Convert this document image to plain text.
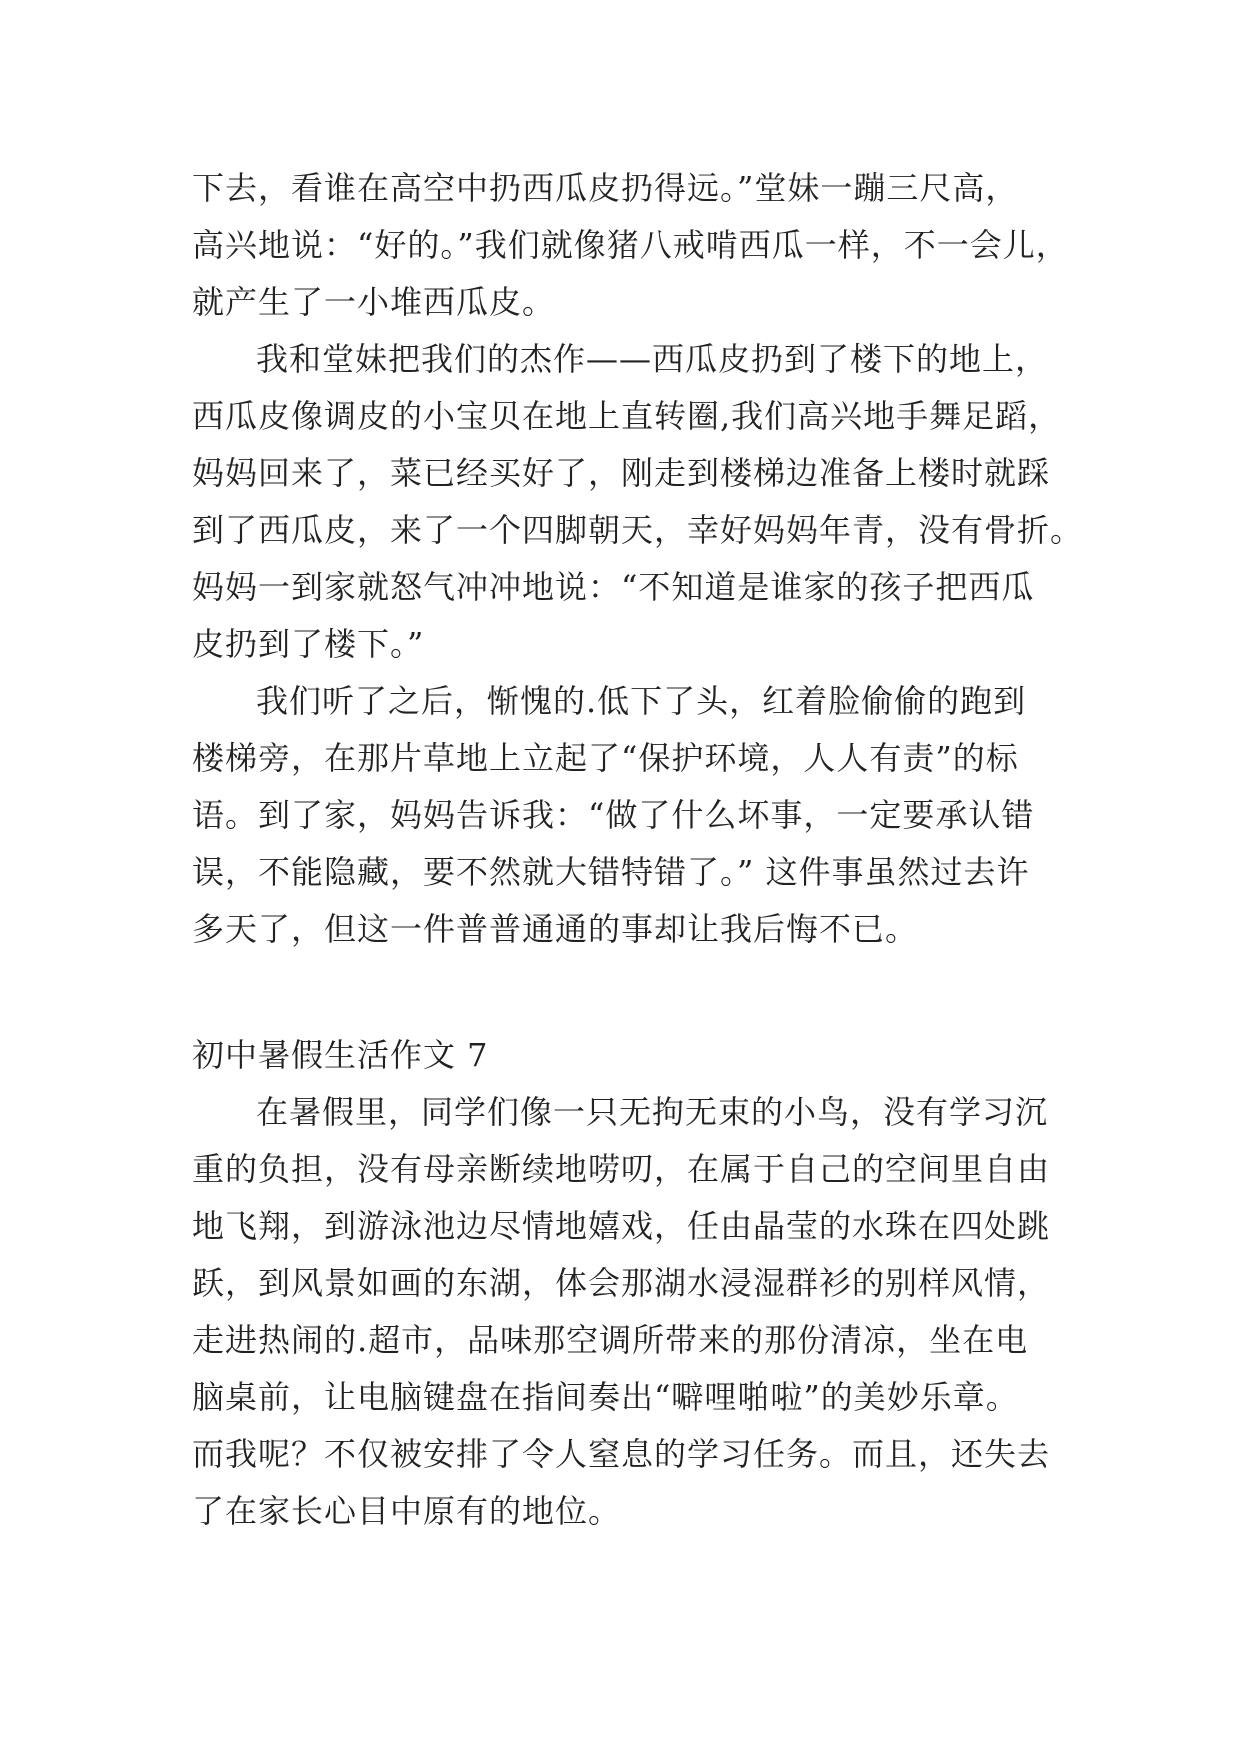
下去，看谁在高空中扔西瓜皮扔得远。”堂妹一蹦三尺高，
高兴地说：“好的。”我们就像猪八戒啃西瓜一样，不一会儿，
就产生了一小堆西瓜皮。
我和堂妹把我们的杰作——西瓜皮扔到了楼下的地上，
西瓜皮像调皮的小宝贝在地上直转圈,我们高兴地手舞足蹈，
妈妈回来了，菜已经买好了，刚走到楼梯边准备上楼时就踩
到了西瓜皮，来了一个四脚朝天，幸好妈妈年青，没有骨折。
妈妈一到家就怒气冲冲地说：“不知道是谁家的孩子把西瓜
皮扔到了楼下。”
我们听了之后，惭愧的.低下了头，红着脸偷偷的跑到
楼梯旁，在那片草地上立起了“保护环境，人人有责”的标
语。到了家，妈妈告诉我：“做了什么坏事，一定要承认错
误，不能隐藏，要不然就大错特错了。” 这件事虽然过去许
多天了，但这一件普普通通的事却让我后悔不已。
初中暑假生活作文 7
在暑假里，同学们像一只无拘无束的小鸟，没有学习沉
重的负担，没有母亲断续地唠叨，在属于自己的空间里自由
地飞翔，到游泳池边尽情地嬉戏，任由晶莹的水珠在四处跳
跃，到风景如画的东湖，体会那湖水浸湿群衫的别样风情，
走进热闹的.超市，品味那空调所带来的那份清凉，坐在电
脑桌前，让电脑键盘在指间奏出“噼哩啪啦”的美妙乐章。
而我呢？不仅被安排了令人窒息的学习任务。而且，还失去
了在家长心目中原有的地位。
